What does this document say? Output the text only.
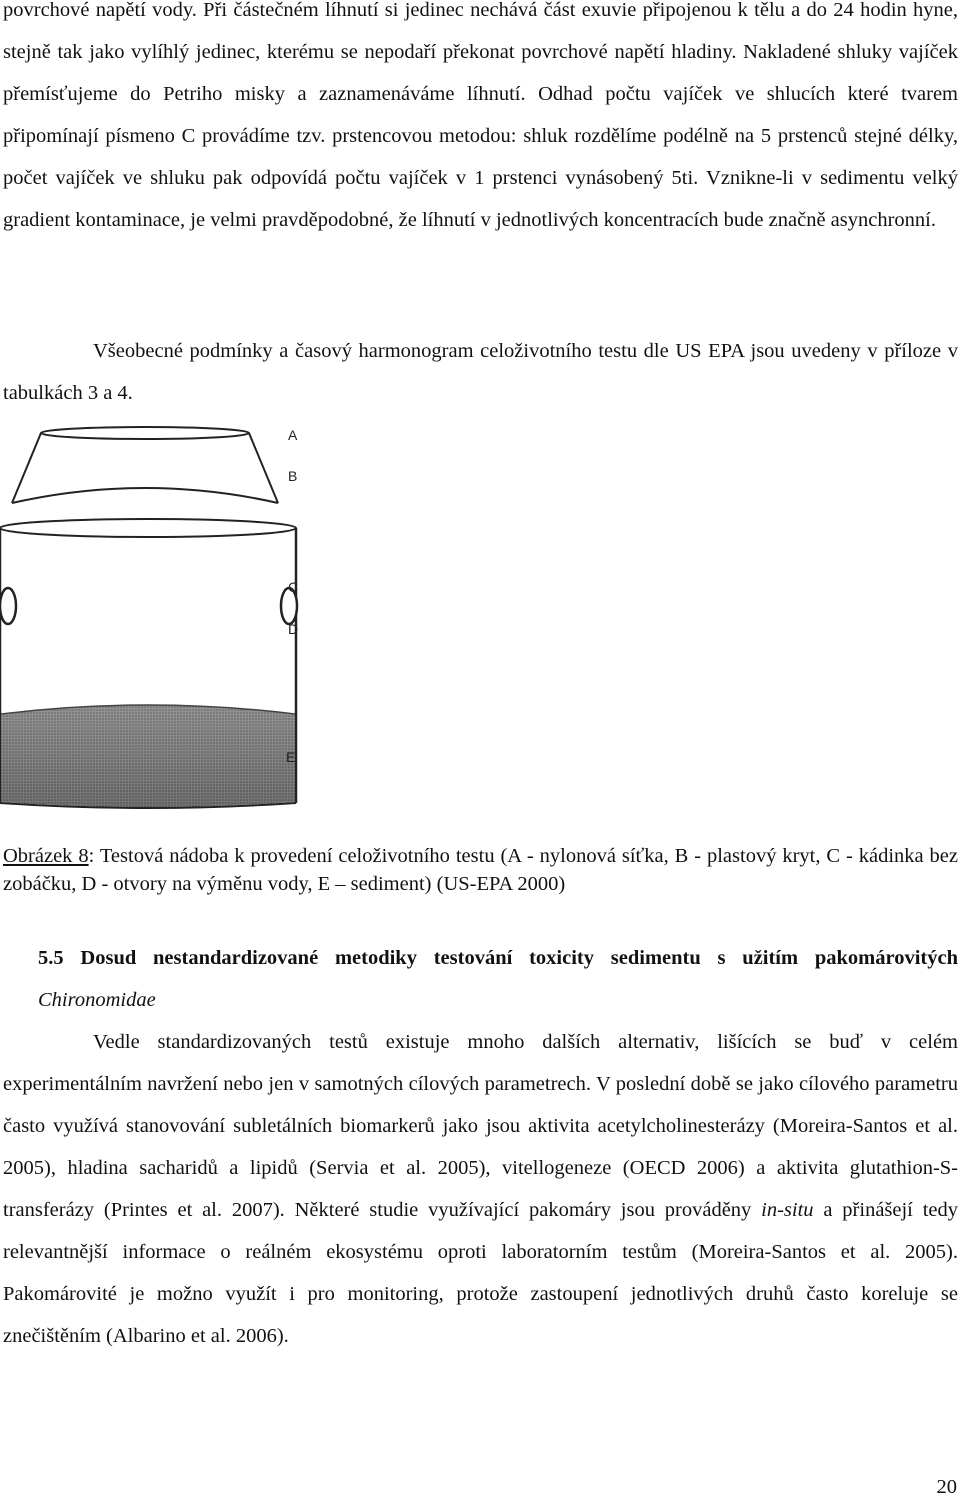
povrchové napětí vody. Při částečném líhnutí si jedinec nechává část exuvie připojenou k tělu a do 24 hodin hyne, stejně tak jako vylíhlý jedinec, kterému se nepodaří překonat povrchové napětí hladiny. Nakladené shluky vajíček přemísťujeme do Petriho misky a zaznamenáváme líhnutí. Odhad počtu vajíček ve shlucích které tvarem připomínají písmeno C provádíme tzv. prstencovou metodou: shluk rozdělíme podélně na 5 prstenců stejné délky, počet vajíček ve shluku pak odpovídá počtu vajíček v 1 prstenci vynásobený 5ti. Vznikne-li v sedimentu velký gradient kontaminace, je velmi pravděpodobné, že líhnutí v jednotlivých koncentracích bude značně asynchronní.

Všeobecné podmínky a časový harmonogram celoživotního testu dle US EPA jsou uvedeny v příloze v tabulkách 3 a 4.

A
B
C
D
E

Obrázek 8: Testová nádoba k provedení celoživotního testu (A - nylonová síťka, B - plastový kryt, C - kádinka bez zobáčku, D - otvory na výměnu vody, E – sediment) (US-EPA 2000)

5.5 Dosud nestandardizované metodiky testování toxicity sedimentu s užitím pakomárovitých Chironomidae

Vedle standardizovaných testů existuje mnoho dalších alternativ, lišících se buď v celém experimentálním navržení nebo jen v samotných cílových parametrech. V poslední době se jako cílového parametru často využívá stanovování subletálních biomarkerů jako jsou aktivita acetylcholinesterázy (Moreira-Santos et al. 2005), hladina sacharidů a lipidů (Servia et al. 2005), vitellogeneze (OECD 2006) a aktivita glutathion-S-transferázy (Printes et al. 2007). Některé studie využívající pakomáry jsou prováděny in-situ a přinášejí tedy relevantnější informace o reálném ekosystému oproti laboratorním testům (Moreira-Santos et al. 2005). Pakomárovité je možno využít i pro monitoring, protože zastoupení jednotlivých druhů často koreluje se znečištěním (Albarino et al. 2006).

20
